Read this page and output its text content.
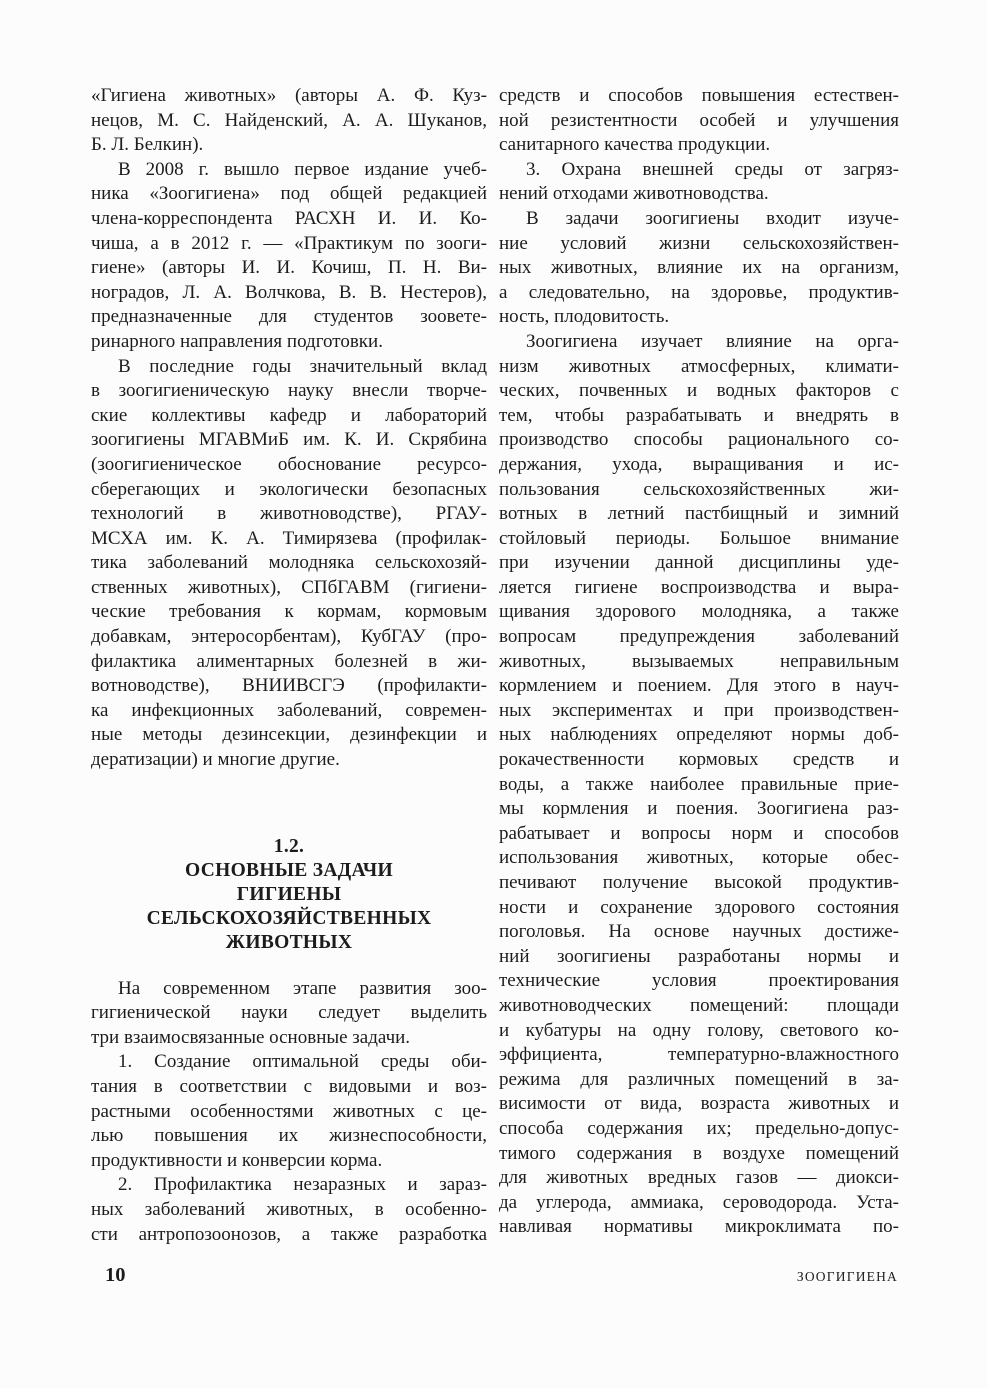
«Гигиена животных» (авторы А. Ф. Куз-
нецов, М. С. Найденский, А. А. Шуканов,
Б. Л. Белкин).
В 2008 г. вышло первое издание учеб-
ника «Зоогигиена» под общей редакцией
члена-корреспондента РАСХН И. И. Ко-
чиша, а в 2012 г. — «Практикум по зооги-
гиене» (авторы И. И. Кочиш, П. Н. Ви-
ноградов, Л. А. Волчкова, В. В. Нестеров),
предназначенные для студентов зоовете-
ринарного направления подготовки.
В последние годы значительный вклад
в зоогигиеническую науку внесли творче-
ские коллективы кафедр и лабораторий
зоогигиены МГАВМиБ им. К. И. Скрябина
(зоогигиеническое обоснование ресурсо-
сберегающих и экологически безопасных
технологий в животноводстве), РГАУ-
МСХА им. К. А. Тимирязева (профилак-
тика заболеваний молодняка сельскохозяй-
ственных животных), СПбГАВМ (гигиени-
ческие требования к кормам, кормовым
добавкам, энтеросорбентам), КубГАУ (про-
филактика алиментарных болезней в жи-
вотноводстве), ВНИИВСГЭ (профилакти-
ка инфекционных заболеваний, современ-
ные методы дезинсекции, дезинфекции и
дератизации) и многие другие.
1.2.
ОСНОВНЫЕ ЗАДАЧИ
ГИГИЕНЫ
СЕЛЬСКОХОЗЯЙСТВЕННЫХ
ЖИВОТНЫХ
На современном этапе развития зоо-
гигиенической науки следует выделить
три взаимосвязанные основные задачи.
1. Создание оптимальной среды оби-
тания в соответствии с видовыми и воз-
растными особенностями животных с це-
лью повышения их жизнеспособности,
продуктивности и конверсии корма.
2. Профилактика незаразных и зараз-
ных заболеваний животных, в особенно-
сти антропозоонозов, а также разработка
средств и способов повышения естествен-
ной резистентности особей и улучшения
санитарного качества продукции.
3. Охрана внешней среды от загряз-
нений отходами животноводства.
В задачи зоогигиены входит изуче-
ние условий жизни сельскохозяйствен-
ных животных, влияние их на организм,
а следовательно, на здоровье, продуктив-
ность, плодовитость.
Зоогигиена изучает влияние на орга-
низм животных атмосферных, климати-
ческих, почвенных и водных факторов с
тем, чтобы разрабатывать и внедрять в
производство способы рационального со-
держания, ухода, выращивания и ис-
пользования сельскохозяйственных жи-
вотных в летний пастбищный и зимний
стойловый периоды. Большое внимание
при изучении данной дисциплины уде-
ляется гигиене воспроизводства и выра-
щивания здорового молодняка, а также
вопросам предупреждения заболеваний
животных, вызываемых неправильным
кормлением и поением. Для этого в науч-
ных экспериментах и при производствен-
ных наблюдениях определяют нормы доб-
рокачественности кормовых средств и
воды, а также наиболее правильные прие-
мы кормления и поения. Зоогигиена раз-
рабатывает и вопросы норм и способов
использования животных, которые обес-
печивают получение высокой продуктив-
ности и сохранение здорового состояния
поголовья. На основе научных достиже-
ний зоогигиены разработаны нормы и
технические условия проектирования
животноводческих помещений: площади
и кубатуры на одну голову, светового ко-
эффициента, температурно-влажностного
режима для различных помещений в за-
висимости от вида, возраста животных и
способа содержания их; предельно-допус-
тимого содержания в воздухе помещений
для животных вредных газов — диокси-
да углерода, аммиака, сероводорода. Уста-
навливая нормативы микроклимата по-
10	ЗООГИГИЕНА
